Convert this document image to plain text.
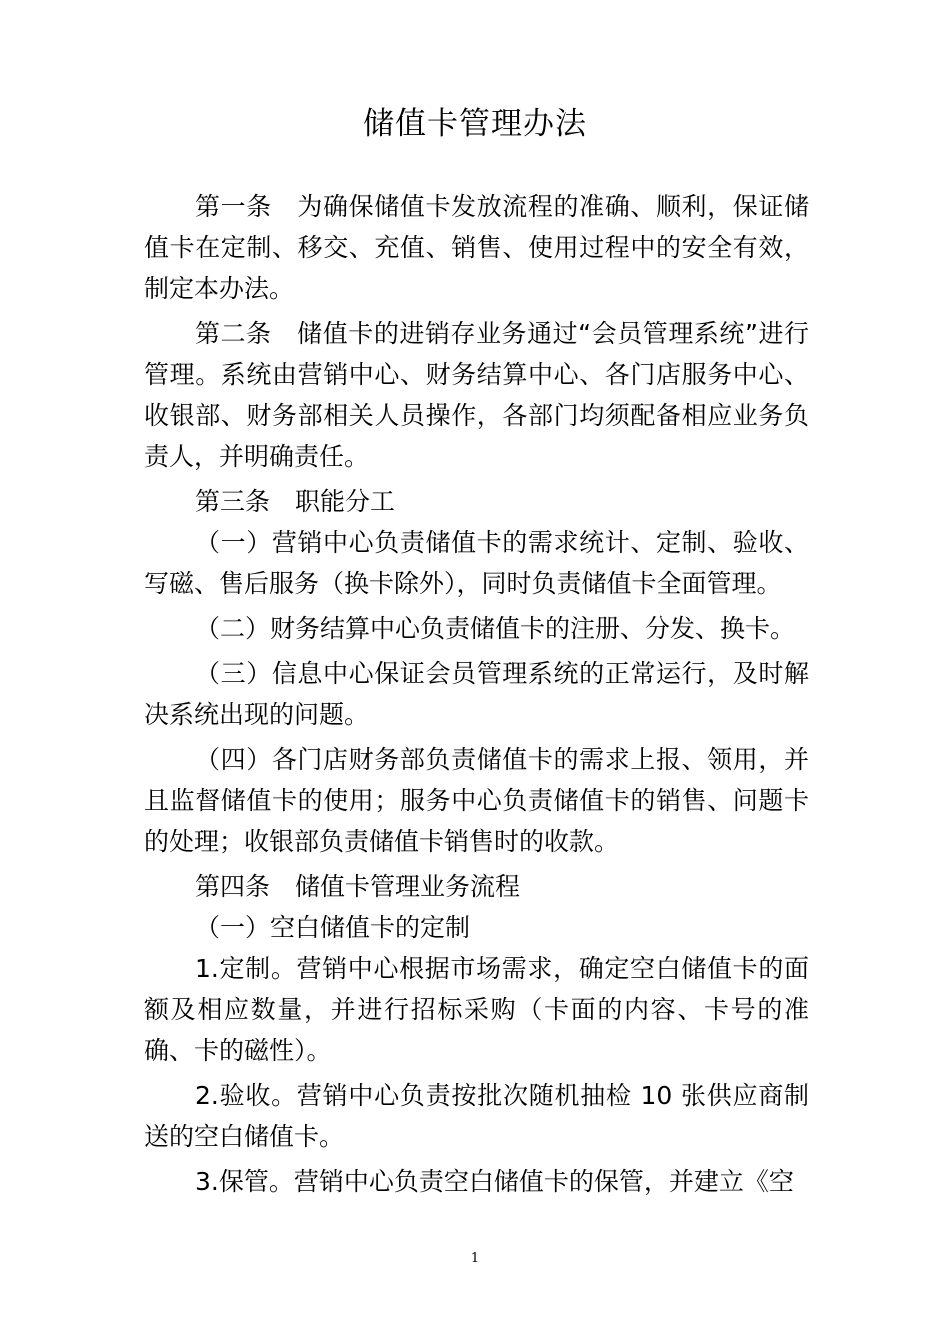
储值卡管理办法

第一条　为确保储值卡发放流程的准确、顺利，保证储值卡在定制、移交、充值、销售、使用过程中的安全有效，制定本办法。

第二条　储值卡的进销存业务通过“会员管理系统”进行管理。系统由营销中心、财务结算中心、各门店服务中心、收银部、财务部相关人员操作，各部门均须配备相应业务负责人，并明确责任。

第三条　职能分工

（一）营销中心负责储值卡的需求统计、定制、验收、写磁、售后服务（换卡除外），同时负责储值卡全面管理。

（二）财务结算中心负责储值卡的注册、分发、换卡。

（三）信息中心保证会员管理系统的正常运行，及时解决系统出现的问题。

（四）各门店财务部负责储值卡的需求上报、领用，并且监督储值卡的使用；服务中心负责储值卡的销售、问题卡的处理；收银部负责储值卡销售时的收款。

第四条　储值卡管理业务流程

（一）空白储值卡的定制

1.定制。营销中心根据市场需求，确定空白储值卡的面额及相应数量，并进行招标采购（卡面的内容、卡号的准确、卡的磁性）。

2.验收。营销中心负责按批次随机抽检 10 张供应商制送的空白储值卡。

3.保管。营销中心负责空白储值卡的保管，并建立《空

1
